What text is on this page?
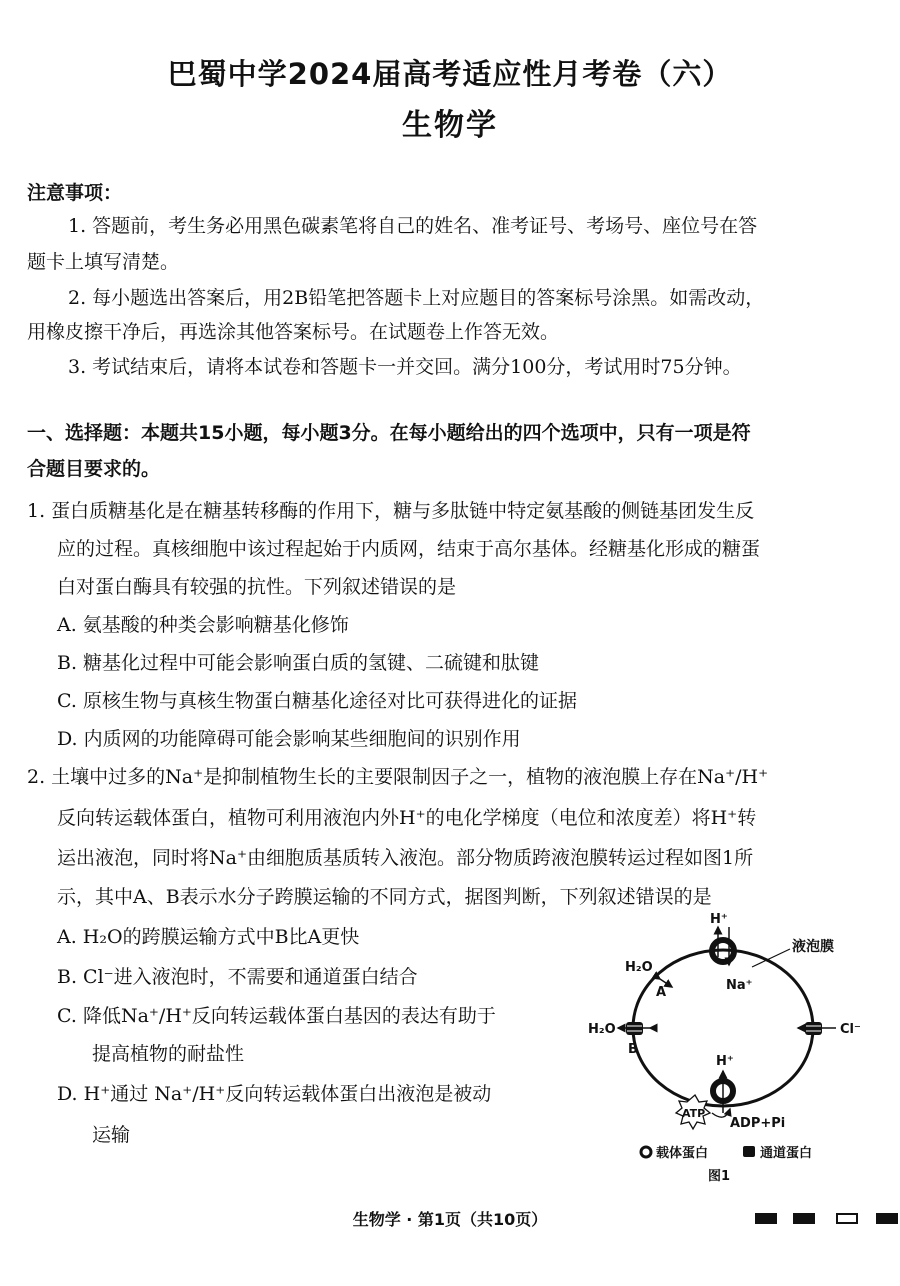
巴蜀中学2024届高考适应性月考卷（六）
生物学
注意事项：
1. 答题前，考生务必用黑色碳素笔将自己的姓名、准考证号、考场号、座位号在答
题卡上填写清楚。
2. 每小题选出答案后，用2B铅笔把答题卡上对应题目的答案标号涂黑。如需改动，
用橡皮擦干净后，再选涂其他答案标号。在试题卷上作答无效。
3. 考试结束后，请将本试卷和答题卡一并交回。满分100分，考试用时75分钟。
一、选择题：本题共15小题，每小题3分。在每小题给出的四个选项中，只有一项是符
合题目要求的。
1. 蛋白质糖基化是在糖基转移酶的作用下，糖与多肽链中特定氨基酸的侧链基团发生反
应的过程。真核细胞中该过程起始于内质网，结束于高尔基体。经糖基化形成的糖蛋
白对蛋白酶具有较强的抗性。下列叙述错误的是
A. 氨基酸的种类会影响糖基化修饰
B. 糖基化过程中可能会影响蛋白质的氢键、二硫键和肽键
C. 原核生物与真核生物蛋白糖基化途径对比可获得进化的证据
D. 内质网的功能障碍可能会影响某些细胞间的识别作用
2. 土壤中过多的Na⁺是抑制植物生长的主要限制因子之一，植物的液泡膜上存在Na⁺/H⁺
反向转运载体蛋白，植物可利用液泡内外H⁺的电化学梯度（电位和浓度差）将H⁺转
运出液泡，同时将Na⁺由细胞质基质转入液泡。部分物质跨液泡膜转运过程如图1所
示，其中A、B表示水分子跨膜运输的不同方式，据图判断，下列叙述错误的是
A. H₂O的跨膜运输方式中B比A更快
B. Cl⁻进入液泡时，不需要和通道蛋白结合
C. 降低Na⁺/H⁺反向转运载体蛋白基因的表达有助于
提高植物的耐盐性
D. H⁺通过 Na⁺/H⁺反向转运载体蛋白出液泡是被动
运输
液泡膜
H⁺
Na⁺
H₂O
A
H₂O
B
Cl⁻
H⁺
ATP
ADP+Pi
载体蛋白	通道蛋白
图1
生物学 · 第1页（共10页）
